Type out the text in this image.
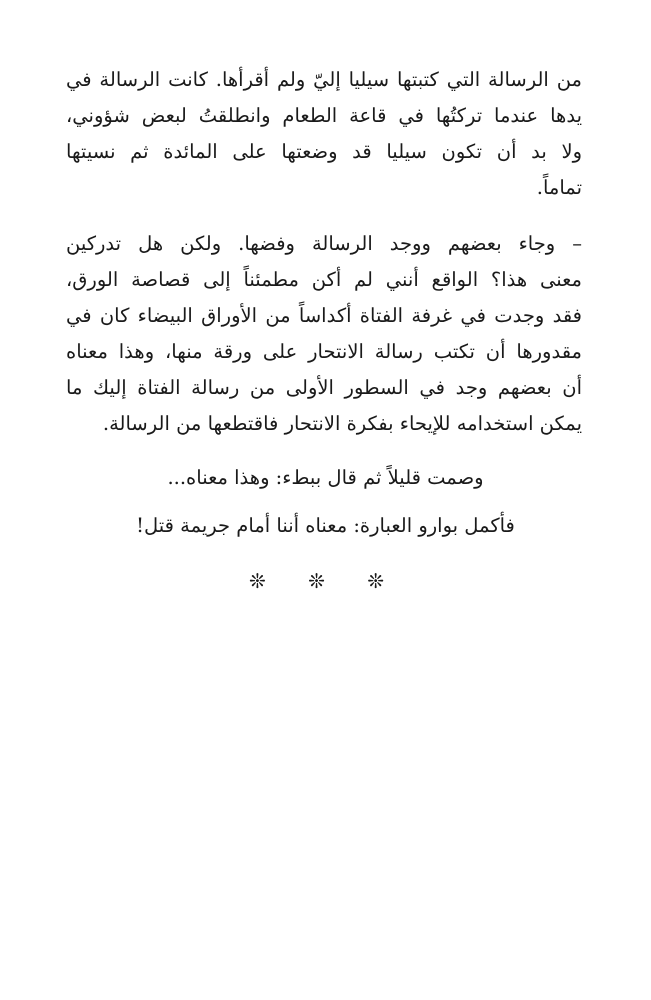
من الرسالة التي كتبتها سيليا إليّ ولم أقرأها. كانت الرسالة في
يدها عندما تركتُها في قاعة الطعام وانطلقتُ لبعض شؤوني،
ولا بد أن تكون سيليا قد وضعتها على المائدة ثم نسيتها
تماماً.
– وجاء بعضهم ووجد الرسالة وفضها. ولكن هل تدركين
معنى هذا؟ الواقع أنني لم أكن مطمئناً إلى قصاصة الورق،
فقد وجدت في غرفة الفتاة أكداساً من الأوراق البيضاء كان في
مقدورها أن تكتب رسالة الانتحار على ورقة منها، وهذا معناه
أن بعضهم وجد في السطور الأولى من رسالة الفتاة إليك ما
يمكن استخدامه للإيحاء بفكرة الانتحار فاقتطعها من الرسالة.
وصمت قليلاً ثم قال ببطء: وهذا معناه...
فأكمل بوارو العبارة: معناه أننا أمام جريمة قتل!
❊ ❊ ❊
